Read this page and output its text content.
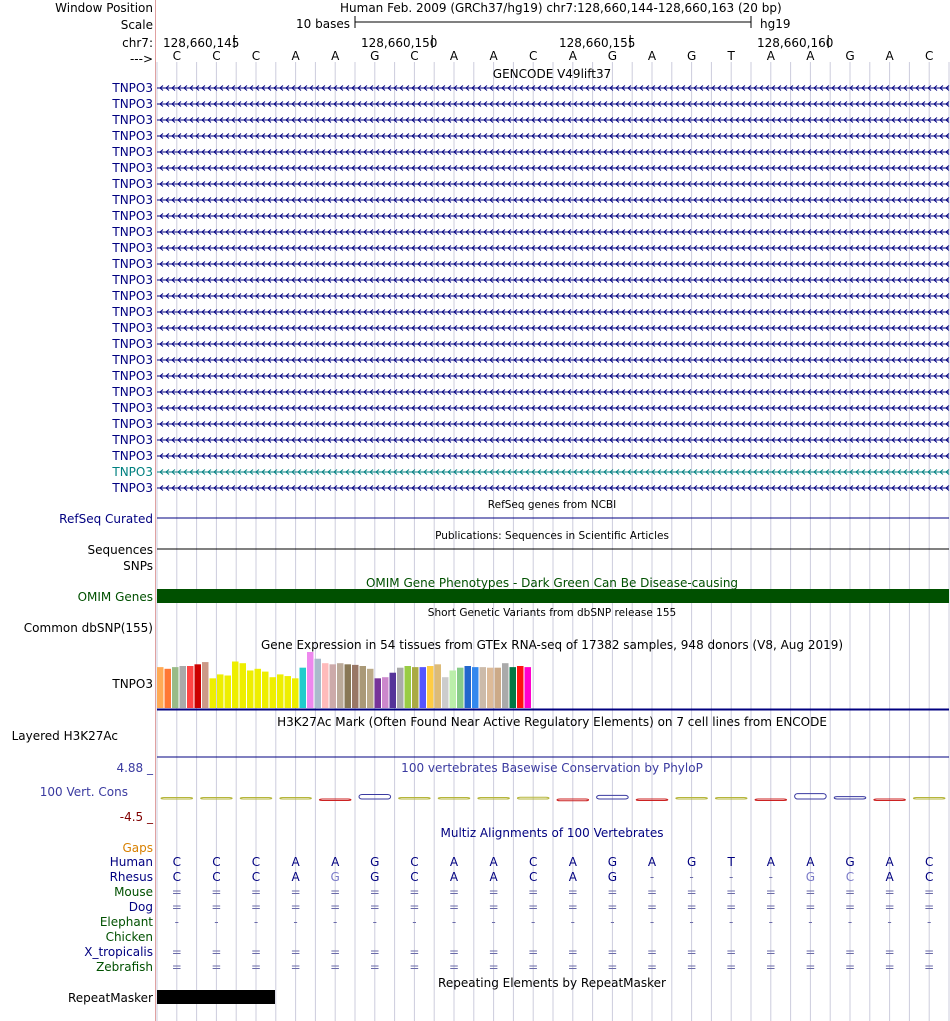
Window Position	Human Feb. 2009 (GRCh37/hg19) chr7:128,660,144-128,660,163 (20 bp)
Scale	10 bases	hg19
chr7: 128,660,145	128,660,150	128,660,155	128,660,160
---> C	C	C	A	A	G	C	A	A	C	A	G	A	G	T	A	A	G	A	C
GENCODE V49lift37
TNPO3
TNPO3
TNPO3
TNPO3
TNPO3
TNPO3
TNPO3
TNPO3
TNPO3
TNPO3
TNPO3
TNPO3
TNPO3
TNPO3
TNPO3
TNPO3
TNPO3
TNPO3
TNPO3
TNPO3
TNPO3
TNPO3
TNPO3
TNPO3
TNPO3
TNPO3
RefSeq genes from NCBI
RefSeq Curated
Publications: Sequences in Scientific Articles
Sequences
SNPs
OMIM Gene Phenotypes - Dark Green Can Be Disease-causing
OMIM Genes
Short Genetic Variants from dbSNP release 155
Common dbSNP(155)
Gene Expression in 54 tissues from GTEx RNA-seq of 17382 samples, 948 donors (V8, Aug 2019)
TNPO3
H3K27Ac Mark (Often Found Near Active Regulatory Elements) on 7 cell lines from ENCODE
Layered H3K27Ac
100 vertebrates Basewise Conservation by PhyloP
4.88 _
100 Vert. Cons
-4.5 _
Multiz Alignments of 100 Vertebrates
Gaps
Human C	C	C	A	A	G	C	A	A	C	A	G	A	G	T	A	A	G	A	C
Rhesus C	C	C	A	G	G	C	A	A	C	A	G	-	-	-	-	G	C	A	C
Mouse = = = = = = = = = = = = = = = = = = = =
Dog = = = = = = = = = = = = = = = = = = = =
Elephant -	-	-	-	-	-	-	-	-	-	-	-	-	-	-	-	-	-	-	-
Chicken
X_tropicalis = = = = = = = = = = = = = = = = = = = =
Zebrafish = = = = = = = = = = = = = = = = = = = =
Repeating Elements by RepeatMasker
RepeatMasker
